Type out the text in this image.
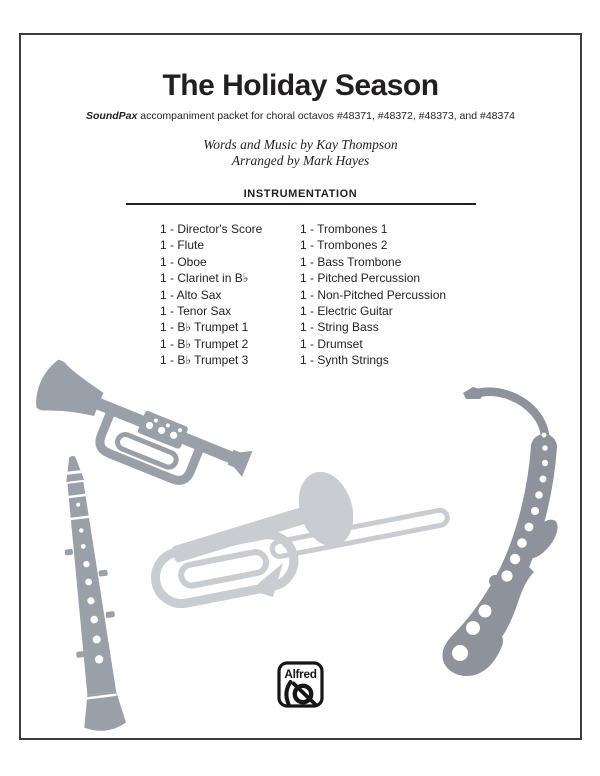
The Holiday Season

SoundPax accompaniment packet for choral octavos #48371, #48372, #48373, and #48374

Words and Music by Kay Thompson

Arranged by Mark Hayes

INSTRUMENTATION
1 - Director's Score
1 - Flute
1 - Oboe
1 - Clarinet in B♭
1 - Alto Sax
1 - Tenor Sax
1 - B♭ Trumpet 1
1 - B♭ Trumpet 2
1 - B♭ Trumpet 3
1 - Trombones 1
1 - Trombones 2
1 - Bass Trombone
1 - Pitched Percussion
1 - Non-Pitched Percussion
1 - Electric Guitar
1 - String Bass
1 - Drumset
1 - Synth Strings
Alfred
